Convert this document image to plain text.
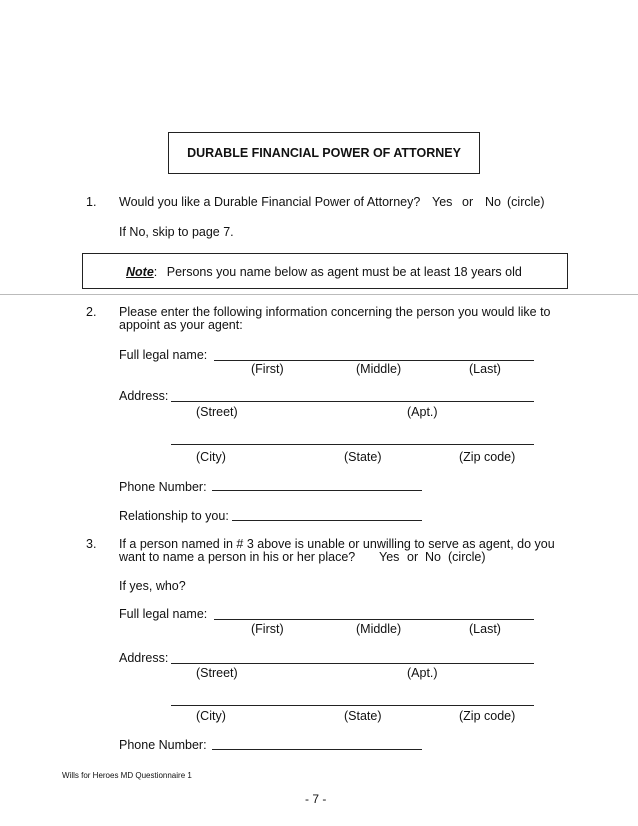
DURABLE FINANCIAL POWER OF ATTORNEY
1. Would you like a Durable Financial Power of Attorney? Yes or No (circle)
If No, skip to page 7.
Note: Persons you name below as agent must be at least 18 years old
2. Please enter the following information concerning the person you would like to
appoint as your agent:
Full legal name:
(First)	(Middle)	(Last)
Address:
(Street)	(Apt.)
(City)	(State)	(Zip code)
Phone Number:
Relationship to you:
3. If a person named in # 3 above is unable or unwilling to serve as agent, do you
want to name a person in his or her place? Yes or No (circle)
If yes, who?
Full legal name:
(First)	(Middle)	(Last)
Address:
(Street)	(Apt.)
(City)	(State)	(Zip code)
Phone Number:
Wills for Heroes MD Questionnaire 1
- 7 -
